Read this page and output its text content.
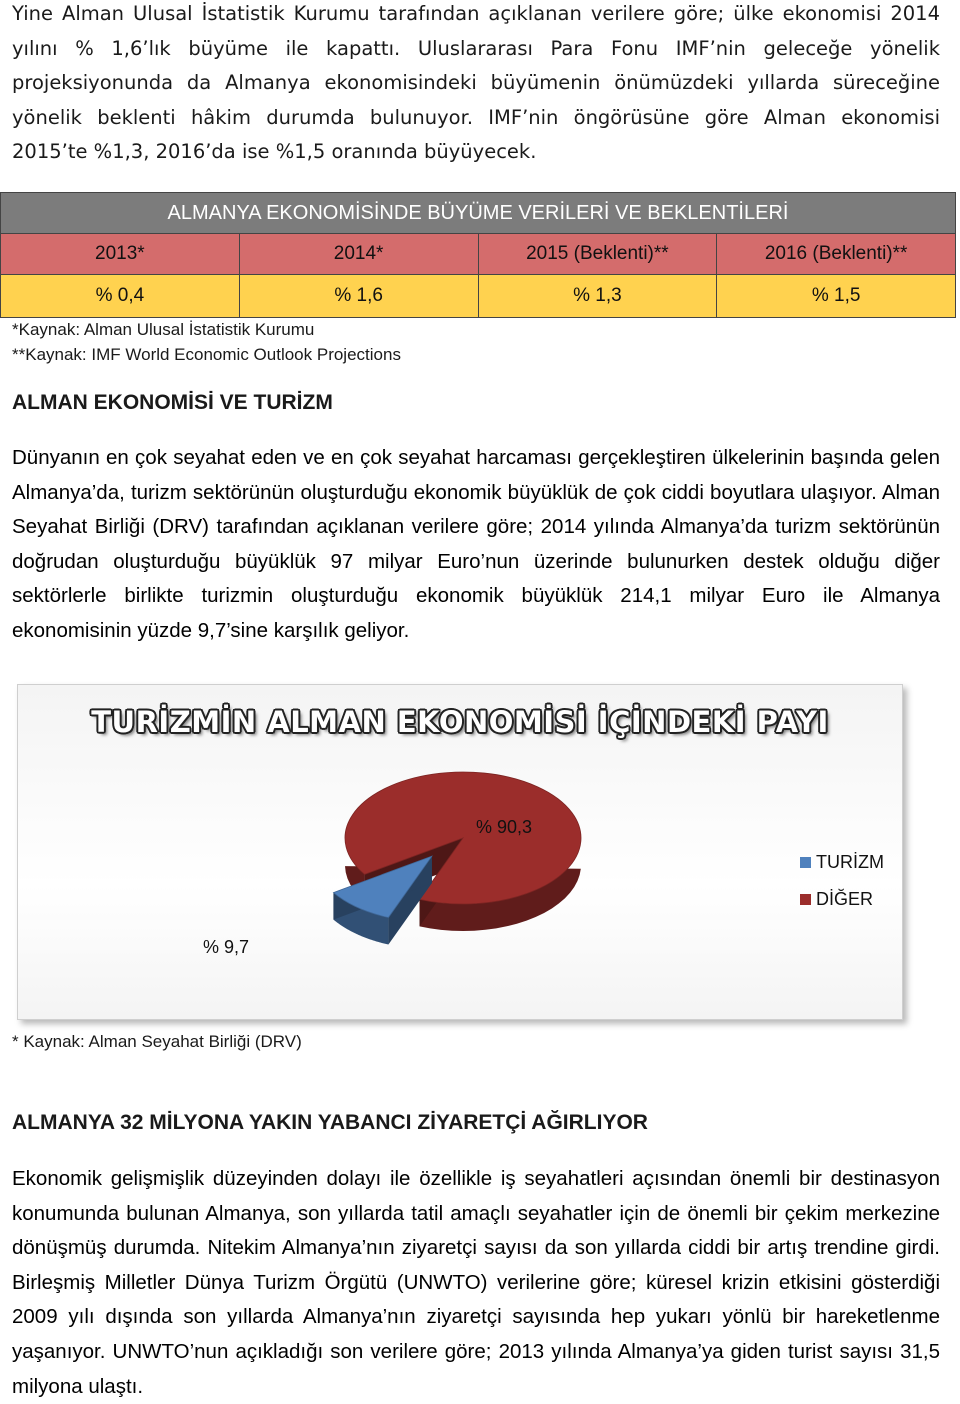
Yine Alman Ulusal İstatistik Kurumu tarafından açıklanan verilere göre; ülke ekonomisi 2014 yılını % 1,6’lık büyüme ile kapattı. Uluslararası Para Fonu IMF’nin geleceğe yönelik projeksiyonunda da Almanya ekonomisindeki büyümenin önümüzdeki yıllarda süreceğine yönelik beklenti hâkim durumda bulunuyor. IMF’nin öngörüsüne göre Alman ekonomisi 2015’te %1,3, 2016’da ise %1,5 oranında büyüyecek.

ALMANYA EKONOMİSİNDE BÜYÜME VERİLERİ VE BEKLENTİLERİ			
2013*	2014*	2015 (Beklenti)**	2016 (Beklenti)**
% 0,4	% 1,6	% 1,3	% 1,5

*Kaynak: Alman Ulusal İstatistik Kurumu

**Kaynak: IMF World Economic Outlook Projections

ALMAN EKONOMİSİ VE TURİZM

Dünyanın en çok seyahat eden ve en çok seyahat harcaması gerçekleştiren ülkelerinin başında gelen Almanya’da, turizm sektörünün oluşturduğu ekonomik büyüklük de çok ciddi boyutlara ulaşıyor. Alman Seyahat Birliği (DRV) tarafından açıklanan verilere göre; 2014 yılında Almanya’da turizm sektörünün doğrudan oluşturduğu büyüklük 97 milyar Euro’nun üzerinde bulunurken destek olduğu diğer sektörlerle birlikte turizmin oluşturduğu ekonomik büyüklük 214,1 milyar Euro ile Almanya ekonomisinin yüzde 9,7’sine karşılık geliyor.

TURİZMİN ALMAN EKONOMİSİ İÇİNDEKİ PAYI
% 90,3
% 9,7
TURİZM
DİĞER

* Kaynak: Alman Seyahat Birliği (DRV)

ALMANYA 32 MİLYONA YAKIN YABANCI ZİYARETÇİ AĞIRLIYOR

Ekonomik gelişmişlik düzeyinden dolayı ile özellikle iş seyahatleri açısından önemli bir destinasyon konumunda bulunan Almanya, son yıllarda tatil amaçlı seyahatler için de önemli bir çekim merkezine dönüşmüş durumda. Nitekim Almanya’nın ziyaretçi sayısı da son yıllarda ciddi bir artış trendine girdi. Birleşmiş Milletler Dünya Turizm Örgütü (UNWTO) verilerine göre; küresel krizin etkisini gösterdiği 2009 yılı dışında son yıllarda Almanya’nın ziyaretçi sayısında hep yukarı yönlü bir hareketlenme yaşanıyor. UNWTO’nun açıkladığı son verilere göre; 2013 yılında Almanya’ya giden turist sayısı 31,5 milyona ulaştı.
